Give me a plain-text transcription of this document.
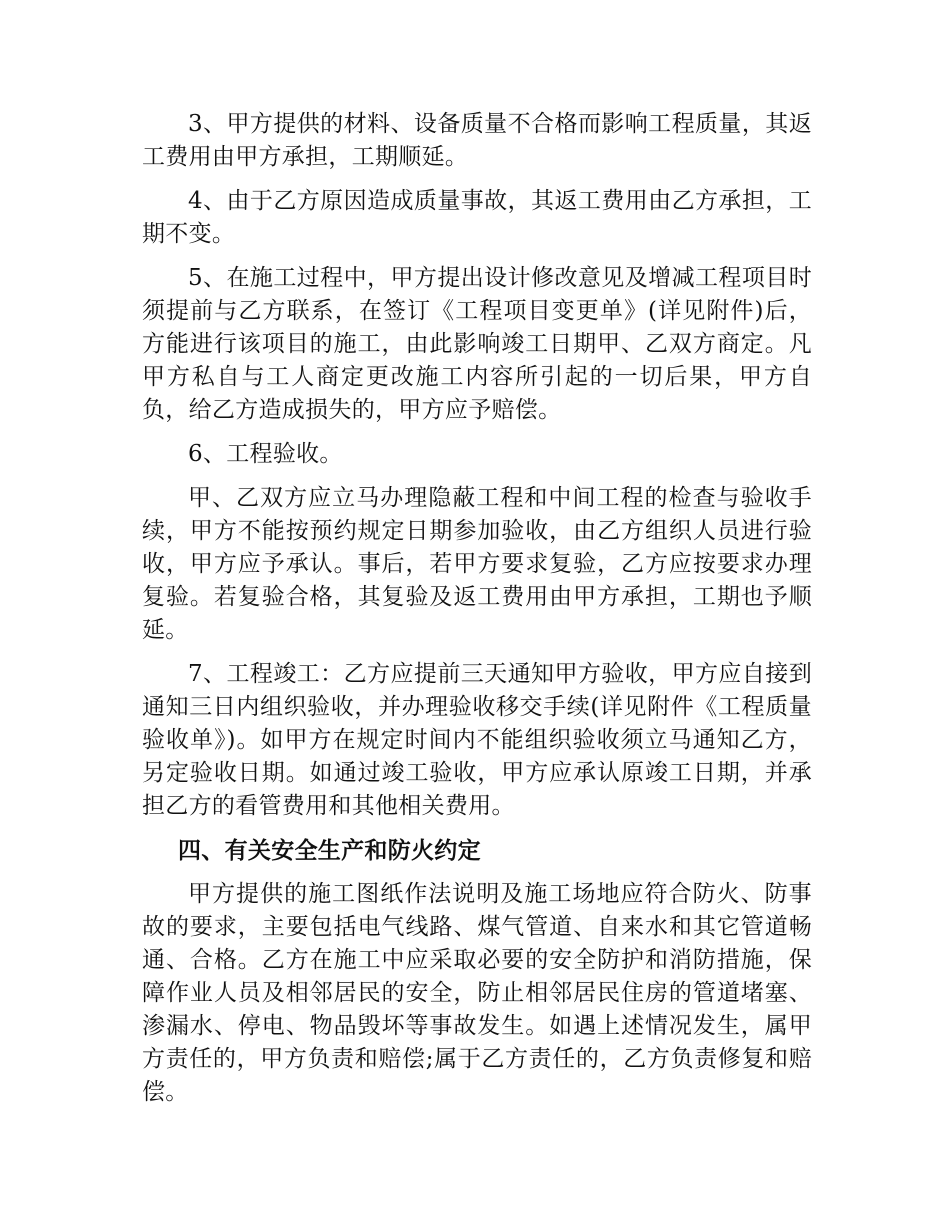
3、甲方提供的材料、设备质量不合格而影响工程质量，其返工费用由甲方承担，工期顺延。

4、由于乙方原因造成质量事故，其返工费用由乙方承担，工期不变。

5、在施工过程中，甲方提出设计修改意见及增减工程项目时须提前与乙方联系，在签订《工程项目变更单》(详见附件)后，方能进行该项目的施工，由此影响竣工日期甲、乙双方商定。凡甲方私自与工人商定更改施工内容所引起的一切后果，甲方自负，给乙方造成损失的，甲方应予赔偿。

6、工程验收。

甲、乙双方应立马办理隐蔽工程和中间工程的检查与验收手续，甲方不能按预约规定日期参加验收，由乙方组织人员进行验收，甲方应予承认。事后，若甲方要求复验，乙方应按要求办理复验。若复验合格，其复验及返工费用由甲方承担，工期也予顺延。

7、工程竣工：乙方应提前三天通知甲方验收，甲方应自接到通知三日内组织验收，并办理验收移交手续(详见附件《工程质量验收单》)。如甲方在规定时间内不能组织验收须立马通知乙方，另定验收日期。如通过竣工验收，甲方应承认原竣工日期，并承担乙方的看管费用和其他相关费用。

四、有关安全生产和防火约定

甲方提供的施工图纸作法说明及施工场地应符合防火、防事故的要求，主要包括电气线路、煤气管道、自来水和其它管道畅通、合格。乙方在施工中应采取必要的安全防护和消防措施，保障作业人员及相邻居民的安全，防止相邻居民住房的管道堵塞、渗漏水、停电、物品毁坏等事故发生。如遇上述情况发生，属甲方责任的，甲方负责和赔偿;属于乙方责任的，乙方负责修复和赔偿。
